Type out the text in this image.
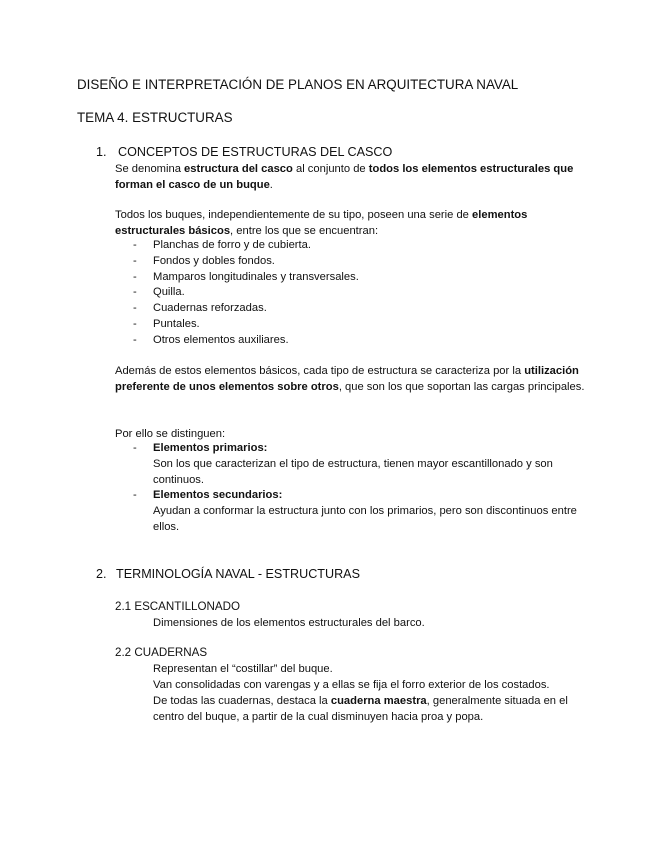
DISEÑO E INTERPRETACIÓN DE PLANOS EN ARQUITECTURA NAVAL
TEMA 4. ESTRUCTURAS
1. CONCEPTOS DE ESTRUCTURAS DEL CASCO
Se denomina estructura del casco al conjunto de todos los elementos estructurales que forman el casco de un buque.
Todos los buques, independientemente de su tipo, poseen una serie de elementos estructurales básicos, entre los que se encuentran:
- Planchas de forro y de cubierta.
- Fondos y dobles fondos.
- Mamparos longitudinales y transversales.
- Quilla.
- Cuadernas reforzadas.
- Puntales.
- Otros elementos auxiliares.
Además de estos elementos básicos, cada tipo de estructura se caracteriza por la utilización preferente de unos elementos sobre otros, que son los que soportan las cargas principales.
Por ello se distinguen:
- Elementos primarios:
Son los que caracterizan el tipo de estructura, tienen mayor escantillonado y son continuos.
- Elementos secundarios:
Ayudan a conformar la estructura junto con los primarios, pero son discontinuos entre ellos.
2. TERMINOLOGÍA NAVAL - ESTRUCTURAS
2.1 ESCANTILLONADO
Dimensiones de los elementos estructurales del barco.
2.2 CUADERNAS
Representan el “costillar” del buque.
Van consolidadas con varengas y a ellas se fija el forro exterior de los costados.
De todas las cuadernas, destaca la cuaderna maestra, generalmente situada en el centro del buque, a partir de la cual disminuyen hacia proa y popa.
